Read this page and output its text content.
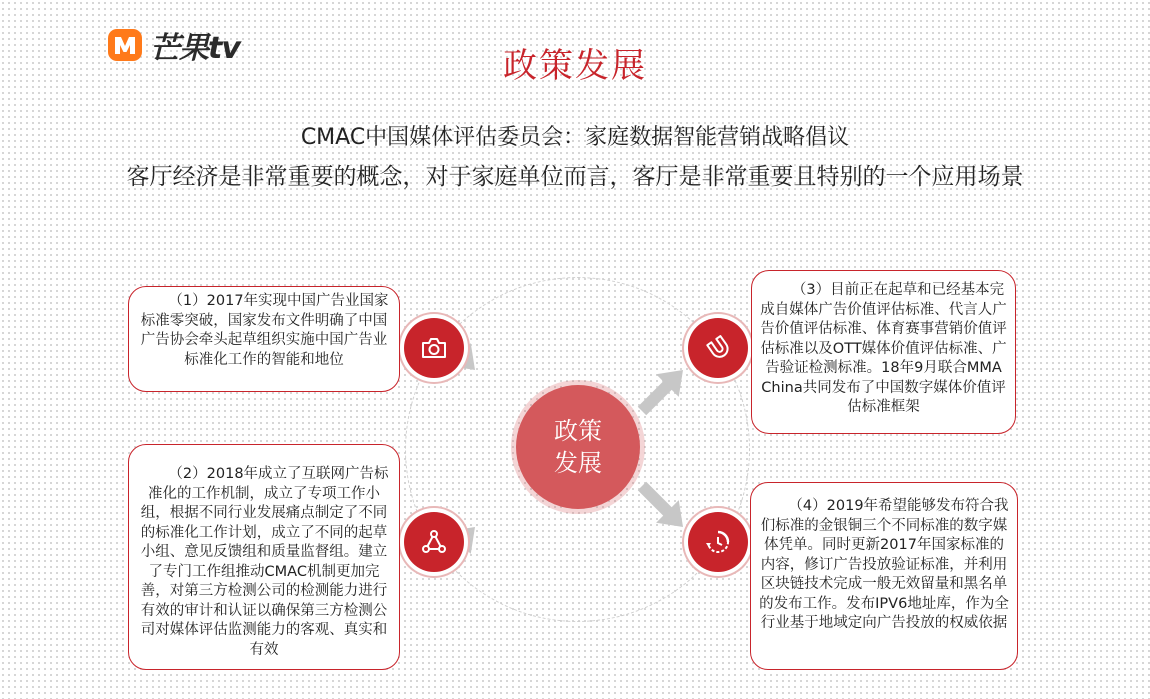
芒果tv	政策发展
CMAC中国媒体评估委员会：家庭数据智能营销战略倡议
客厅经济是非常重要的概念，对于家庭单位而言，客厅是非常重要且特别的一个应用场景
政策
发展

（1）2017年实现中国广告业国家标准零突破，国家发布文件明确了中国广告协会牵头起草组织实施中国广告业标准化工作的智能和地位

（3）目前正在起草和已经基本完成自媒体广告价值评估标准、代言人广告价值评估标准、体育赛事营销价值评估标准以及OTT媒体价值评估标准、广告验证检测标准。18年9月联合MMA China共同发布了中国数字媒体价值评估标准框架

（2）2018年成立了互联网广告标准化的工作机制，成立了专项工作小组，根据不同行业发展痛点制定了不同的标准化工作计划，成立了不同的起草小组、意见反馈组和质量监督组。建立了专门工作组推动CMAC机制更加完善，对第三方检测公司的检测能力进行有效的审计和认证以确保第三方检测公司对媒体评估监测能力的客观、真实和有效

（4）2019年希望能够发布符合我们标准的金银铜三个不同标准的数字媒体凭单。同时更新2017年国家标准的内容，修订广告投放验证标准，并利用区块链技术完成一般无效留量和黑名单的发布工作。发布IPV6地址库，作为全行业基于地域定向广告投放的权威依据
